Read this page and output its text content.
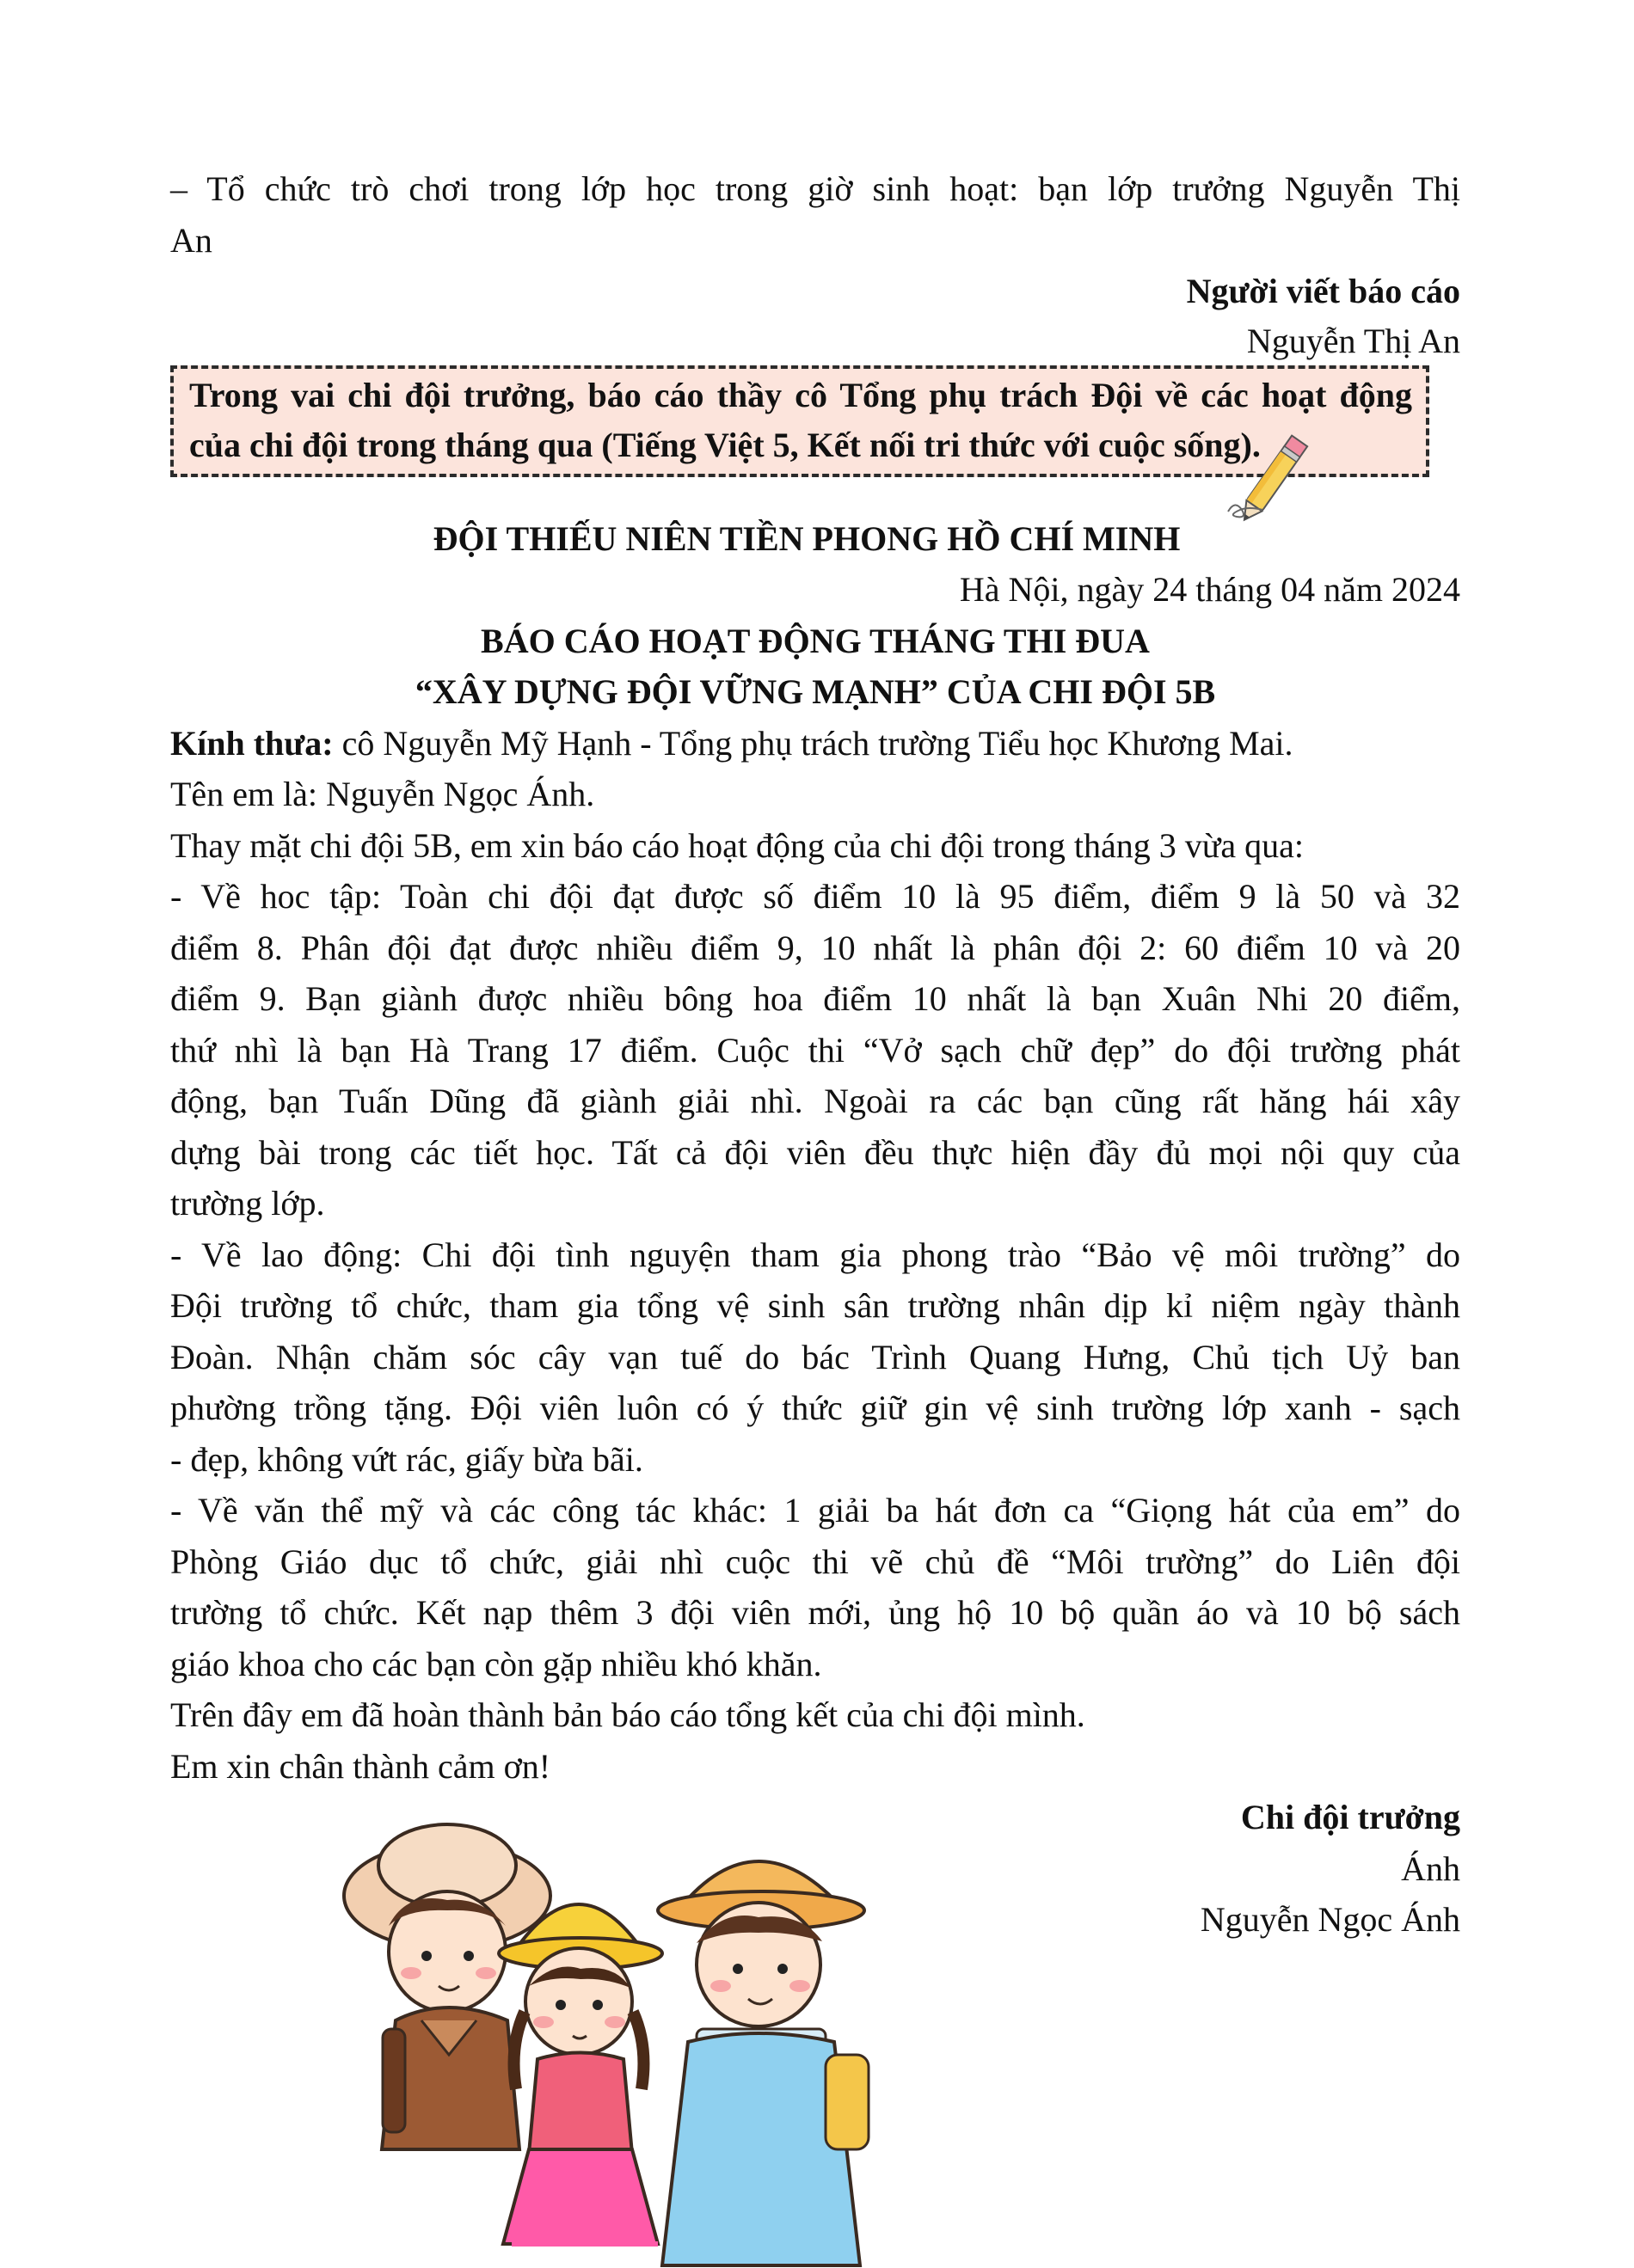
– Tổ chức trò chơi trong lớp học trong giờ sinh hoạt: bạn lớp trưởng Nguyễn Thị

An

Người viết báo cáo

Nguyễn Thị An

Trong vai chi đội trưởng, báo cáo thầy cô Tổng phụ trách Đội về các hoạt động
của chi đội trong tháng qua (Tiếng Việt 5, Kết nối tri thức với cuộc sống).

ĐỘI THIẾU NIÊN TIỀN PHONG HỒ CHÍ MINH

Hà Nội, ngày 24 tháng 04 năm 2024

BÁO CÁO HOẠT ĐỘNG THÁNG THI ĐUA

“XÂY DỰNG ĐỘI VỮNG MẠNH” CỦA CHI ĐỘI 5B

Kính thưa: cô Nguyễn Mỹ Hạnh - Tổng phụ trách trường Tiểu học Khương Mai.

Tên em là: Nguyễn Ngọc Ánh.

Thay mặt chi đội 5B, em xin báo cáo hoạt động của chi đội trong tháng 3 vừa qua:

- Về hoc tập: Toàn chi đội đạt được số điểm 10 là 95 điểm, điểm 9 là 50 và 32

điểm 8. Phân đội đạt được nhiều điểm 9, 10 nhất là phân đội 2: 60 điểm 10 và 20

điểm 9. Bạn giành được nhiều bông hoa điểm 10 nhất là bạn Xuân Nhi 20 điểm,

thứ nhì là bạn Hà Trang 17 điểm. Cuộc thi “Vở sạch chữ đẹp” do đội trường phát

động, bạn Tuấn Dũng đã giành giải nhì. Ngoài ra các bạn cũng rất hăng hái xây

dựng bài trong các tiết học. Tất cả đội viên đều thực hiện đầy đủ mọi nội quy của

trường lớp.

- Về lao động: Chi đội tình nguyện tham gia phong trào “Bảo vệ môi trường” do

Đội trường tổ chức, tham gia tổng vệ sinh sân trường nhân dịp kỉ niệm ngày thành

Đoàn. Nhận chăm sóc cây vạn tuế do bác Trình Quang Hưng, Chủ tịch Uỷ ban

phường trồng tặng. Đội viên luôn có ý thức giữ gin vệ sinh trường lớp xanh - sạch

- đẹp, không vứt rác, giấy bừa bãi.

- Về văn thể mỹ và các công tác khác: 1 giải ba hát đơn ca “Giọng hát của em” do

Phòng Giáo dục tổ chức, giải nhì cuộc thi vẽ chủ đề “Môi trường” do Liên đội

trường tổ chức. Kết nạp thêm 3 đội viên mới, ủng hộ 10 bộ quần áo và 10 bộ sách

giáo khoa cho các bạn còn gặp nhiều khó khăn.

Trên đây em đã hoàn thành bản báo cáo tổng kết của chi đội mình.

Em xin chân thành cảm ơn!

Chi đội trưởng

Ánh

Nguyễn Ngọc Ánh
